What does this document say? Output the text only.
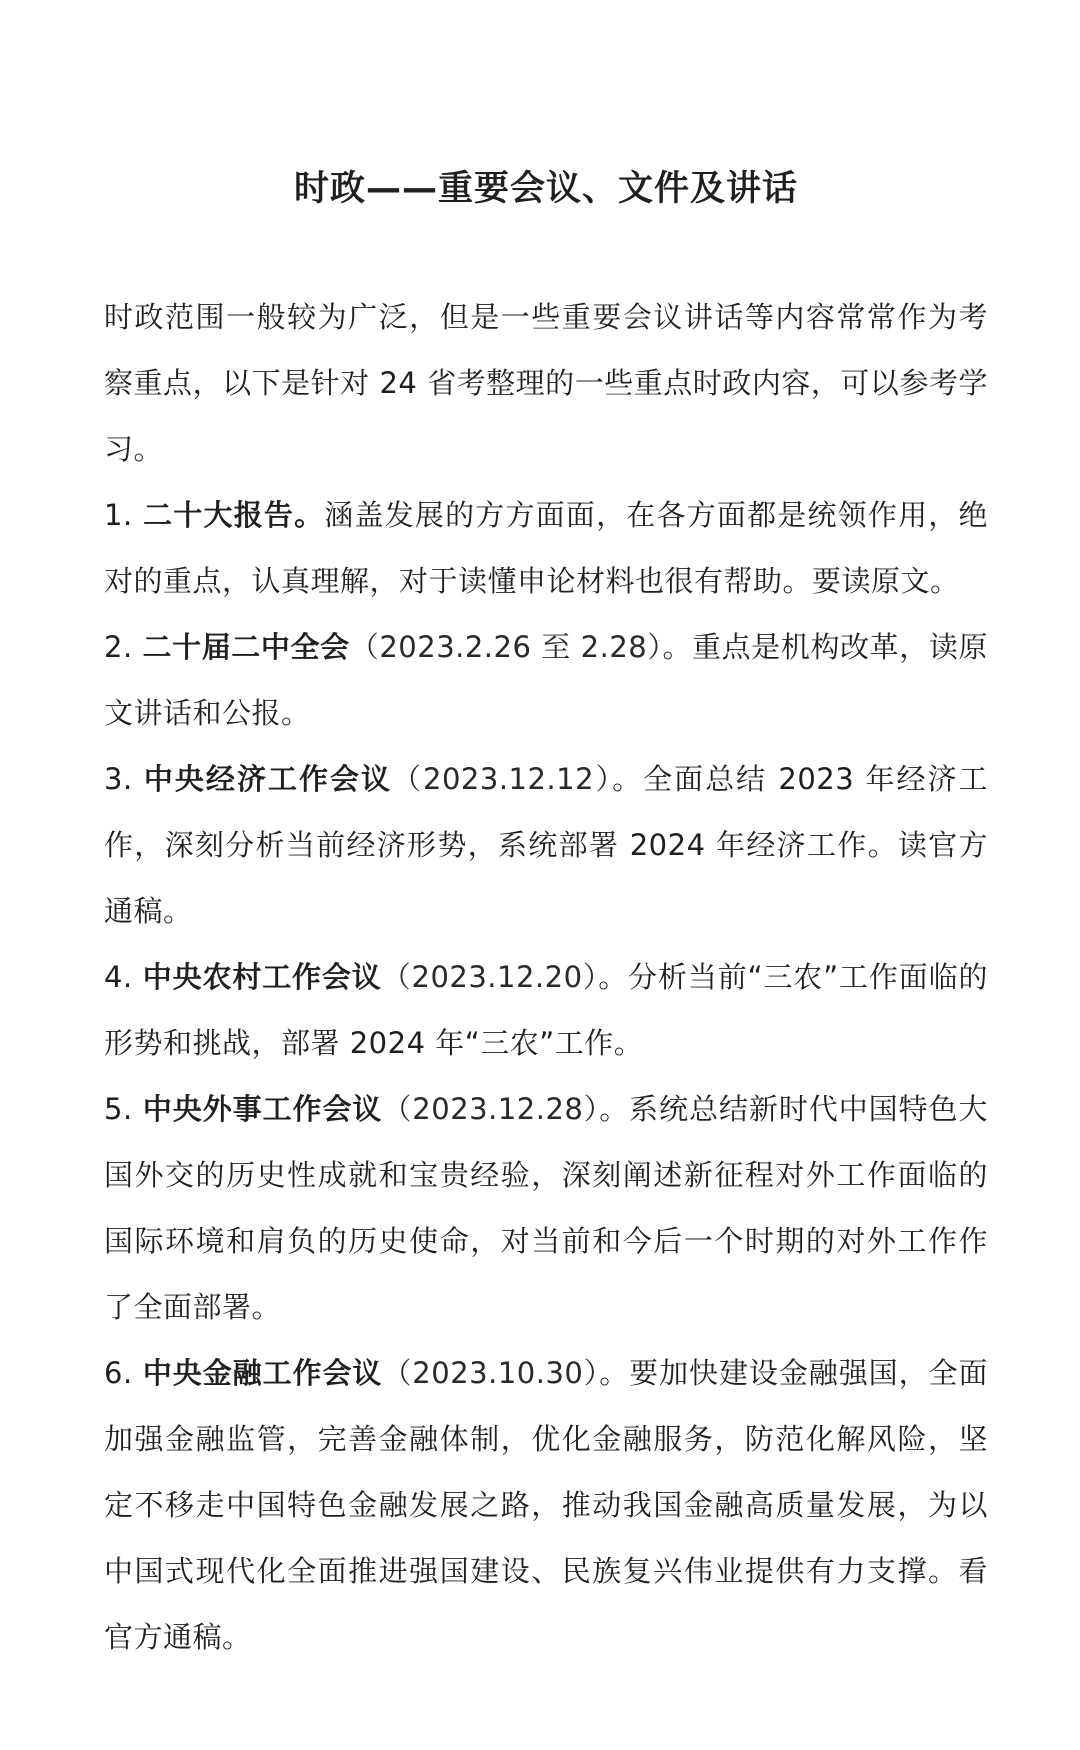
时政——重要会议、文件及讲话

时政范围一般较为广泛，但是一些重要会议讲话等内容常常作为考察重点，以下是针对 24 省考整理的一些重点时政内容，可以参考学习。

1. 二十大报告。涵盖发展的方方面面，在各方面都是统领作用，绝对的重点，认真理解，对于读懂申论材料也很有帮助。要读原文。

2. 二十届二中全会（2023.2.26 至 2.28）。重点是机构改革，读原文讲话和公报。

3. 中央经济工作会议（2023.12.12）。全面总结 2023 年经济工作，深刻分析当前经济形势，系统部署 2024 年经济工作。读官方通稿。

4. 中央农村工作会议（2023.12.20）。分析当前“三农”工作面临的形势和挑战，部署 2024 年“三农”工作。

5. 中央外事工作会议（2023.12.28）。系统总结新时代中国特色大国外交的历史性成就和宝贵经验，深刻阐述新征程对外工作面临的国际环境和肩负的历史使命，对当前和今后一个时期的对外工作作了全面部署。

6. 中央金融工作会议（2023.10.30）。要加快建设金融强国，全面加强金融监管，完善金融体制，优化金融服务，防范化解风险，坚定不移走中国特色金融发展之路，推动我国金融高质量发展，为以中国式现代化全面推进强国建设、民族复兴伟业提供有力支撑。看官方通稿。
